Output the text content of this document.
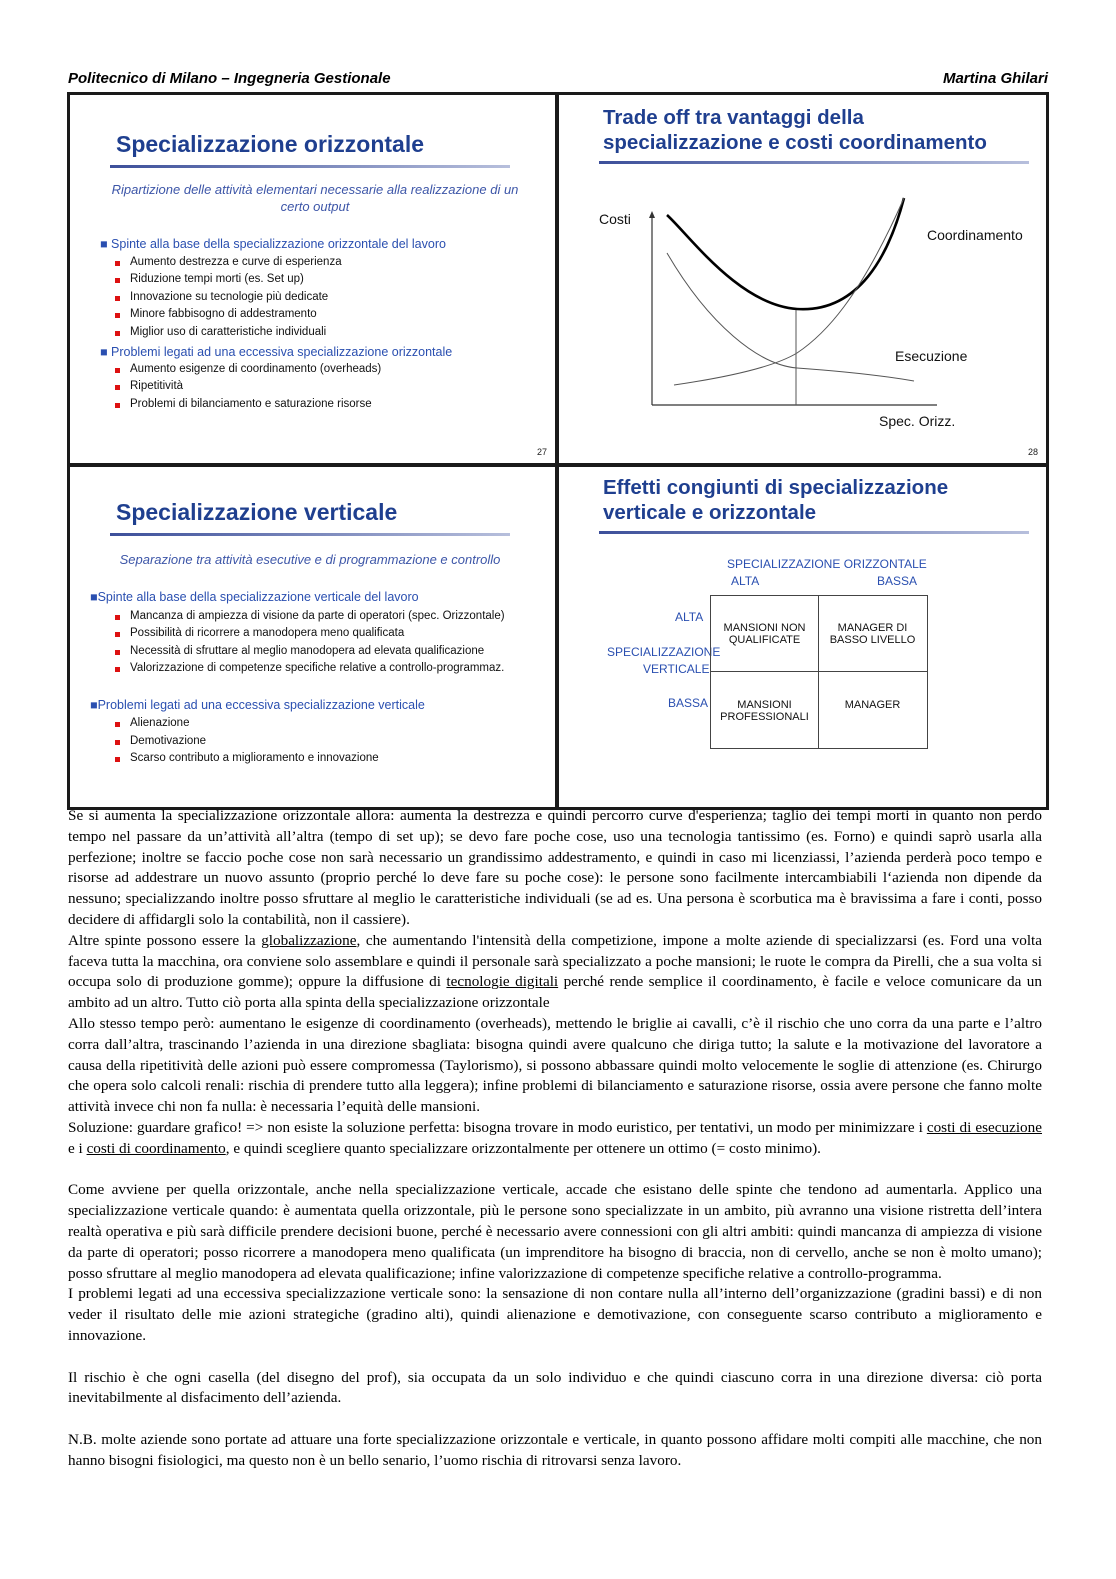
Politecnico di Milano – Ingegneria Gestionale	Martina Ghilari
Specializzazione orizzontale
Ripartizione delle attività elementari necessarie alla realizzazione di un certo output
■ Spinte alla base della specializzazione orizzontale del lavoro
Aumento destrezza e curve di esperienza
Riduzione tempi morti (es. Set up)
Innovazione su tecnologie più dedicate
Minore fabbisogno di addestramento
Miglior uso di caratteristiche individuali
■ Problemi legati ad una eccessiva specializzazione orizzontale
Aumento esigenze di coordinamento (overheads)
Ripetitività
Problemi di bilanciamento e saturazione risorse
27
Trade off tra vantaggi della
specializzazione e costi coordinamento
Costi
Coordinamento
Esecuzione
Spec. Orizz.
28
Specializzazione verticale
Separazione tra attività esecutive e di programmazione e controllo
■Spinte alla base della specializzazione verticale del lavoro
Mancanza di ampiezza di visione da parte di operatori (spec. Orizzontale)
Possibilità di ricorrere a manodopera meno qualificata
Necessità di sfruttare al meglio manodopera ad elevata qualificazione
Valorizzazione di competenze specifiche relative a controllo-programmaz.
■Problemi legati ad una eccessiva specializzazione verticale
Alienazione
Demotivazione
Scarso contributo a miglioramento e innovazione
Effetti congiunti di specializzazione
verticale e orizzontale
SPECIALIZZAZIONE ORIZZONTALE
ALTA	BASSA
ALTA
SPECIALIZZAZIONE
VERTICALE
BASSA
MANSIONI NON
QUALIFICATE
MANAGER DI
BASSO LIVELLO
MANSIONI
PROFESSIONALI
MANAGER

Se si aumenta la specializzazione orizzontale allora: aumenta la destrezza e quindi percorro curve d'esperienza; taglio dei tempi morti in quanto non perdo tempo nel passare da un’attività all’altra (tempo di set up); se devo fare poche cose, uso una tecnologia tantissimo (es. Forno) e quindi saprò usarla alla perfezione; inoltre se faccio poche cose non sarà necessario un grandissimo addestramento, e quindi in caso mi licenziassi, l’azienda perderà poco tempo e risorse ad addestrare un nuovo assunto (proprio perché lo deve fare su poche cose): le persone sono facilmente intercambiabili l‘azienda non dipende da nessuno; specializzando inoltre posso sfruttare al meglio le caratteristiche individuali (se ad es. Una persona è scorbutica ma è bravissima a fare i conti, posso decidere di affidargli solo la contabilità, non il cassiere).

Altre spinte possono essere la globalizzazione, che aumentando l'intensità della competizione, impone a molte aziende di specializzarsi (es. Ford una volta faceva tutta la macchina, ora conviene solo assemblare e quindi il personale sarà specializzato a poche mansioni; le ruote le compra da Pirelli, che a sua volta si occupa solo di produzione gomme); oppure la diffusione di tecnologie digitali perché rende semplice il coordinamento, è facile e veloce comunicare da un ambito ad un altro. Tutto ciò porta alla spinta della specializzazione orizzontale

Allo stesso tempo però: aumentano le esigenze di coordinamento (overheads), mettendo le briglie ai cavalli, c’è il rischio che uno corra da una parte e l’altro corra dall’altra, trascinando l’azienda in una direzione sbagliata: bisogna quindi avere qualcuno che diriga tutto; la salute e la motivazione del lavoratore a causa della ripetitività delle azioni può essere compromessa (Taylorismo), si possono abbassare quindi molto velocemente le soglie di attenzione (es. Chirurgo che opera solo calcoli renali: rischia di prendere tutto alla leggera); infine problemi di bilanciamento e saturazione risorse, ossia avere persone che fanno molte attività invece chi non fa nulla: è necessaria l’equità delle mansioni.

Soluzione: guardare grafico! => non esiste la soluzione perfetta: bisogna trovare in modo euristico, per tentativi, un modo per minimizzare i costi di esecuzione e i costi di coordinamento, e quindi scegliere quanto specializzare orizzontalmente per ottenere un ottimo (= costo minimo).

Come avviene per quella orizzontale, anche nella specializzazione verticale, accade che esistano delle spinte che tendono ad aumentarla. Applico una specializzazione verticale quando: è aumentata quella orizzontale, più le persone sono specializzate in un ambito, più avranno una visione ristretta dell’intera realtà operativa e più sarà difficile prendere decisioni buone, perché è necessario avere connessioni con gli altri ambiti: quindi mancanza di ampiezza di visione da parte di operatori; posso ricorrere a manodopera meno qualificata (un imprenditore ha bisogno di braccia, non di cervello, anche se non è molto umano); posso sfruttare al meglio manodopera ad elevata qualificazione; infine valorizzazione di competenze specifiche relative a controllo-programma.

I problemi legati ad una eccessiva specializzazione verticale sono: la sensazione di non contare nulla all’interno dell’organizzazione (gradini bassi) e di non veder il risultato delle mie azioni strategiche (gradino alti), quindi alienazione e demotivazione, con conseguente scarso contributo a miglioramento e innovazione.

Il rischio è che ogni casella (del disegno del prof), sia occupata da un solo individuo e che quindi ciascuno corra in una direzione diversa: ciò porta inevitabilmente al disfacimento dell’azienda.

N.B. molte aziende sono portate ad attuare una forte specializzazione orizzontale e verticale, in quanto possono affidare molti compiti alle macchine, che non hanno bisogni fisiologici, ma questo non è un bello senario, l’uomo rischia di ritrovarsi senza lavoro.
